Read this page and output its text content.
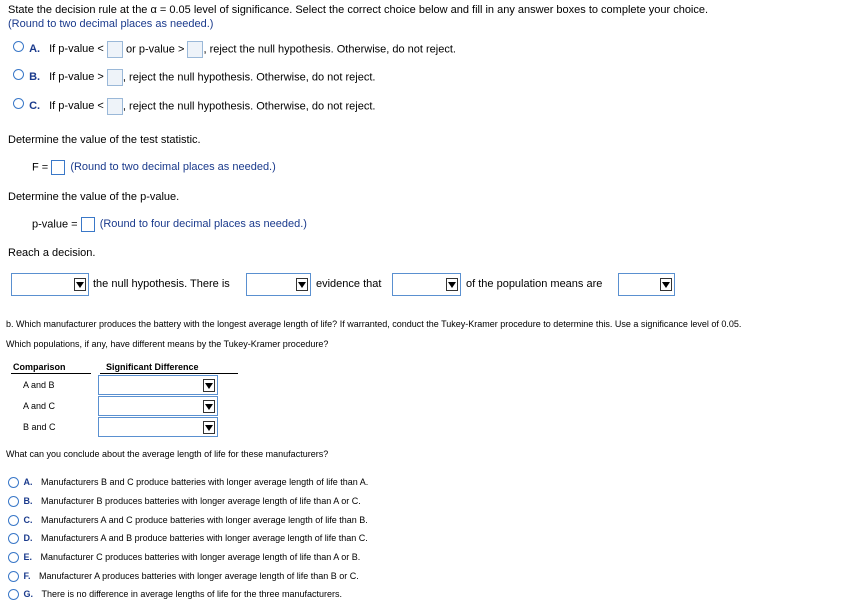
State the decision rule at the α = 0.05 level of significance. Select the correct choice below and fill in any answer boxes to complete your choice.
(Round to two decimal places as needed.)
A. If p-value < or p-value > , reject the null hypothesis. Otherwise, do not reject.
B. If p-value > , reject the null hypothesis. Otherwise, do not reject.
C. If p-value < , reject the null hypothesis. Otherwise, do not reject.
Determine the value of the test statistic.
F = (Round to two decimal places as needed.)
Determine the value of the p-value.
p-value = (Round to four decimal places as needed.)
Reach a decision.
the null hypothesis. There is	evidence that	of the population means are
b. Which manufacturer produces the battery with the longest average length of life? If warranted, conduct the Tukey-Kramer procedure to determine this. Use a significance level of 0.05.
Which populations, if any, have different means by the Tukey-Kramer procedure?
Comparison	Significant Difference
A and B
A and C
B and C
What can you conclude about the average length of life for these manufacturers?
A. Manufacturers B and C produce batteries with longer average length of life than A.
B. Manufacturer B produces batteries with longer average length of life than A or C.
C. Manufacturers A and C produce batteries with longer average length of life than B.
D. Manufacturers A and B produce batteries with longer average length of life than C.
E. Manufacturer C produces batteries with longer average length of life than A or B.
F. Manufacturer A produces batteries with longer average length of life than B or C.
G. There is no difference in average lengths of life for the three manufacturers.
